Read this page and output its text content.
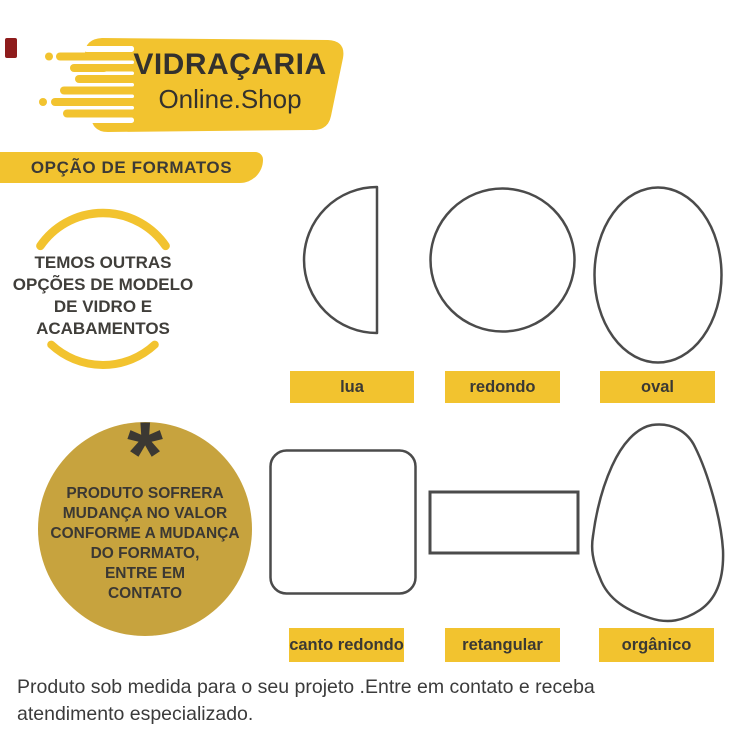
VIDRAÇARIA
Online.Shop
OPÇÃO DE FORMATOS
TEMOS OUTRAS
OPÇÕES DE MODELO
DE VIDRO E
ACABAMENTOS
*
PRODUTO SOFRERA
MUDANÇA NO VALOR
CONFORME A MUDANÇA
DO FORMATO,
ENTRE EM
CONTATO
lua	redondo	oval
canto redondo	retangular	orgânico
Produto sob medida para o seu projeto .Entre em contato e receba
atendimento especializado.
